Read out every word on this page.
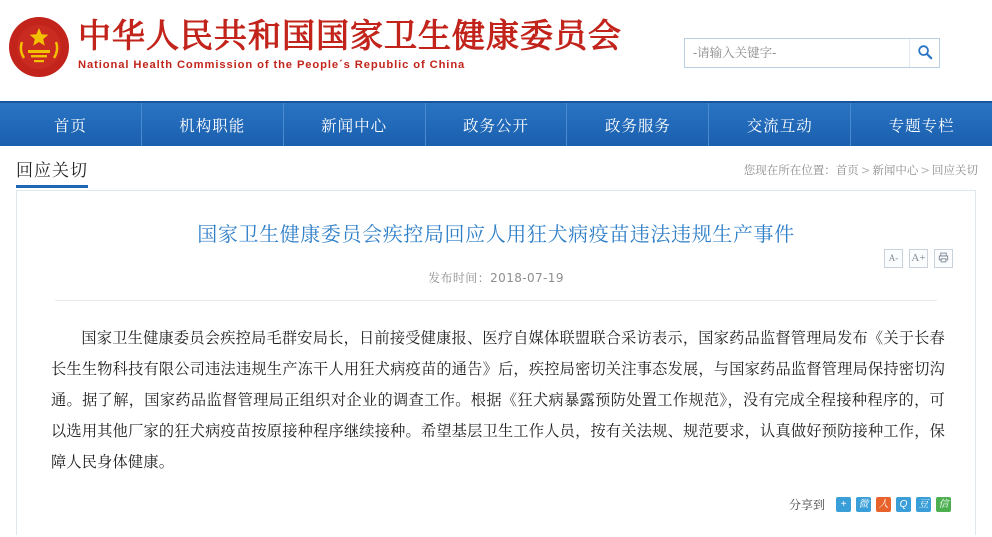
中华人民共和国国家卫生健康委员会
National Health Commission of the People´s Republic of China
-请输入关键字-
首页	机构职能	新闻中心	政务公开	政务服务	交流互动	专题专栏
回应关切	您现在所在位置：首页 > 新闻中心 > 回应关切
国家卫生健康委员会疾控局回应人用狂犬病疫苗违法违规生产事件
发布时间：2018-07-19
A-	A+
国家卫生健康委员会疾控局毛群安局长，日前接受健康报、医疗自媒体联盟联合采访表示，国家药品监督管理局发布《关于长春长生生物科技有限公司违法违规生产冻干人用狂犬病疫苗的通告》后，疾控局密切关注事态发展，与国家药品监督管理局保持密切沟通。据了解，国家药品监督管理局正组织对企业的调查工作。根据《狂犬病暴露预防处置工作规范》，没有完成全程接种程序的，可以选用其他厂家的狂犬病疫苗按原接种程序继续接种。希望基层卫生工作人员，按有关法规、规范要求，认真做好预防接种工作，保障人民身体健康。
分享到	+	微 人	Q	豆 信
